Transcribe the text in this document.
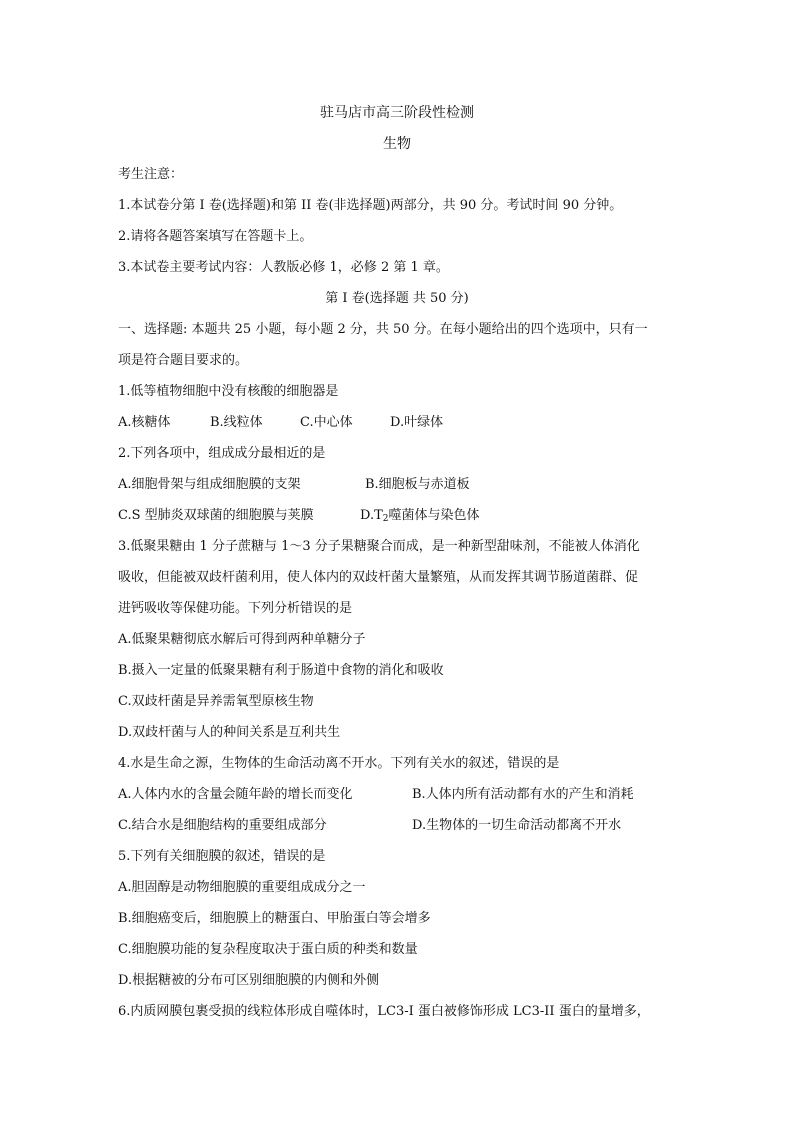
驻马店市高三阶段性检测
生物
考生注意：
1.本试卷分第 I 卷(选择题)和第 II 卷(非选择题)两部分，共 90 分。考试时间 90 分钟。
2.请将各题答案填写在答题卡上。
3.本试卷主要考试内容：人教版必修 1，必修 2 第 1 章。
第 I 卷(选择题 共 50 分)
一、选择题: 本题共 25 小题，每小题 2 分，共 50 分。在每小题给出的四个选项中，只有一
项是符合题目要求的。
1.低等植物细胞中没有核酸的细胞器是
A.核糖体	B.线粒体	C.中心体	D.叶绿体
2.下列各项中，组成成分最相近的是
A.细胞骨架与组成细胞膜的支架	B.细胞板与赤道板
C.S 型肺炎双球菌的细胞膜与荚膜	$D.T_2$噬菌体与染色体
3.低聚果糖由 1 分子蔗糖与 1～3 分子果糖聚合而成，是一种新型甜味剂，不能被人体消化
吸收，但能被双歧杆菌利用，使人体内的双歧杆菌大量繁殖，从而发挥其调节肠道菌群、促
进钙吸收等保健功能。下列分析错误的是
A.低聚果糖彻底水解后可得到两种单糖分子
B.摄入一定量的低聚果糖有利于肠道中食物的消化和吸收
C.双歧杆菌是异养需氧型原核生物
D.双歧杆菌与人的种间关系是互利共生
4.水是生命之源，生物体的生命活动离不开水。下列有关水的叙述，错误的是
A.人体内水的含量会随年龄的增长而变化	B.人体内所有活动都有水的产生和消耗
C.结合水是细胞结构的重要组成部分	D.生物体的一切生命活动都离不开水
5.下列有关细胞膜的叙述，错误的是
A.胆固醇是动物细胞膜的重要组成成分之一
B.细胞癌变后，细胞膜上的糖蛋白、甲胎蛋白等会增多
C.细胞膜功能的复杂程度取决于蛋白质的种类和数量
D.根据糖被的分布可区别细胞膜的内侧和外侧
6.内质网膜包裹受损的线粒体形成自噬体时，LC3-I 蛋白被修饰形成 LC3-II 蛋白的量增多，
